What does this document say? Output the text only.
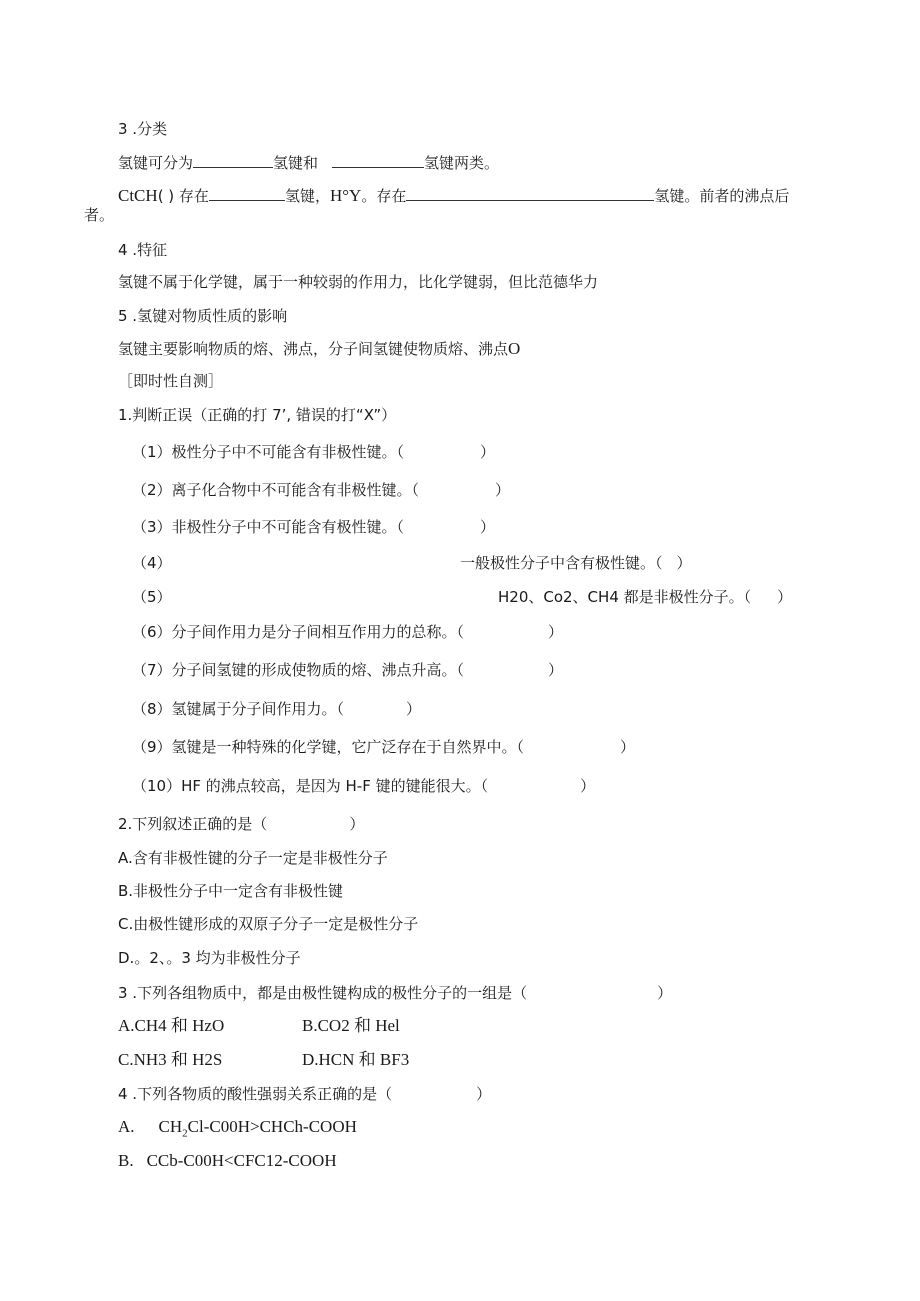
3 .分类
氢键可分为	氢键和	氢键两类。
CtCH( ) 存在	氢键，H°Y。存在	氢键。前者的沸点后
者。
4 .特征
氢键不属于化学键，属于一种较弱的作用力，比化学键弱，但比范德华力
5 .氢键对物质性质的影响
氢键主要影响物质的熔、沸点，分子间氢键使物质熔、沸点O
［即时性自测］
1.判断正误（正确的打 7’, 错误的打“X”）
（1）极性分子中不可能含有非极性键。（	）
（2）离子化合物中不可能含有非极性键。（	）
（3）非极性分子中不可能含有极性键。（	）
（4）	一般极性分子中含有极性键。（ ）
（5）	H20、Co2、CH4 都是非极性分子。（ ）
（6）分子间作用力是分子间相互作用力的总称。（	）
（7）分子间氢键的形成使物质的熔、沸点升高。（	）
（8）氢键属于分子间作用力。（	）
（9）氢键是一种特殊的化学键，它广泛存在于自然界中。（	）
（10）HF 的沸点较高，是因为 H-F 键的键能很大。（	）
2.下列叙述正确的是（	）
A.含有非极性键的分子一定是非极性分子
B.非极性分子中一定含有非极性键
C.由极性键形成的双原子分子一定是极性分子
D.。2、。3 均为非极性分子
3 .下列各组物质中，都是由极性键构成的极性分子的一组是（	）
A.CH4 和 HzO	B.CO2 和 Hel
C.NH3 和 H2S	D.HCN 和 BF3
4 .下列各物质的酸性强弱关系正确的是（	）
A. $CH_2Cl-C00H>CHCh$-COOH
B. CCb-C00H<CFC12-COOH
